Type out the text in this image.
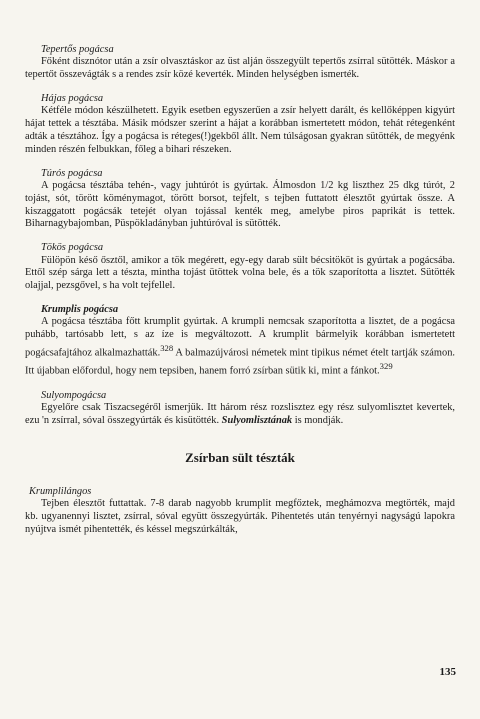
Tepertős pogácsa

Főként disznótor után a zsír olvasztáskor az üst alján összegyült tepertős zsírral sütötték. Máskor a tepertőt összevágták s a rendes zsír közé keverték. Minden helységben ismerték.

Hájas pogácsa

Kétféle módon készülhetett. Egyik esetben egyszerűen a zsír helyett darált, és kellőképpen kigyúrt hájat tettek a tésztába. Másik módszer szerint a hájat a korábban ismertetett módon, tehát rétegenként adták a tésztához. Így a pogácsa is réteges(!)gekből állt. Nem túlságosan gyakran sütötték, de megyénk minden részén felbukkan, főleg a bihari részeken.

Túrós pogácsa

A pogácsa tésztába tehén-, vagy juhtúrót is gyúrtak. Álmosdon 1/2 kg liszthez 25 dkg túrót, 2 tojást, sót, törött köménymagot, törött borsot, tejfelt, s tejben futtatott élesztőt gyúrtak össze. A kiszaggatott pogácsák tetejét olyan tojással kenték meg, amelybe piros paprikát is tettek. Biharnagybajomban, Püspökladányban juhtúróval is sütötték.

Tökös pogácsa

Fülöpön késő ősztől, amikor a tök megérett, egy-egy darab sült bécsitököt is gyúrtak a pogácsába. Ettől szép sárga lett a tészta, mintha tojást ütöttek volna bele, és a tök szaporította a lisztet. Sütötték olajjal, pezsgővel, s ha volt tejfellel.

Krumplis pogácsa

A pogácsa tésztába főtt krumplit gyúrtak. A krumpli nemcsak szaporította a lisztet, de a pogácsa puhább, tartósabb lett, s az íze is megváltozott. A krumplit bármelyik korábban ismertetett pogácsafajtához alkalmazhatták.$^{328}$ A balmazújvárosi németek mint tipikus német ételt tartják számon. Itt újabban előfordul, hogy nem tepsiben, hanem forró zsírban sütik ki, mint a fánkot.$^{329}$

Sulyompogácsa

Egyelőre csak Tiszacsegéről ismerjük. Itt három rész rozslisztez egy rész sulyomlisztet kevertek, ezu 'n zsírral, sóval összegyúrták és kisütötték. Sulyomlisztának is mondják.

Zsírban sült tészták

Krumplilángos

Tejben élesztőt futtattak. 7-8 darab nagyobb krumplit megfőztek, meghámozva megtörték, majd kb. ugyanennyi lisztet, zsírral, sóval együtt összegyúrták. Pihentetés után tenyérnyi nagyságú lapokra nyújtva ismét pihentették, és késsel megszúrkálták,

135
